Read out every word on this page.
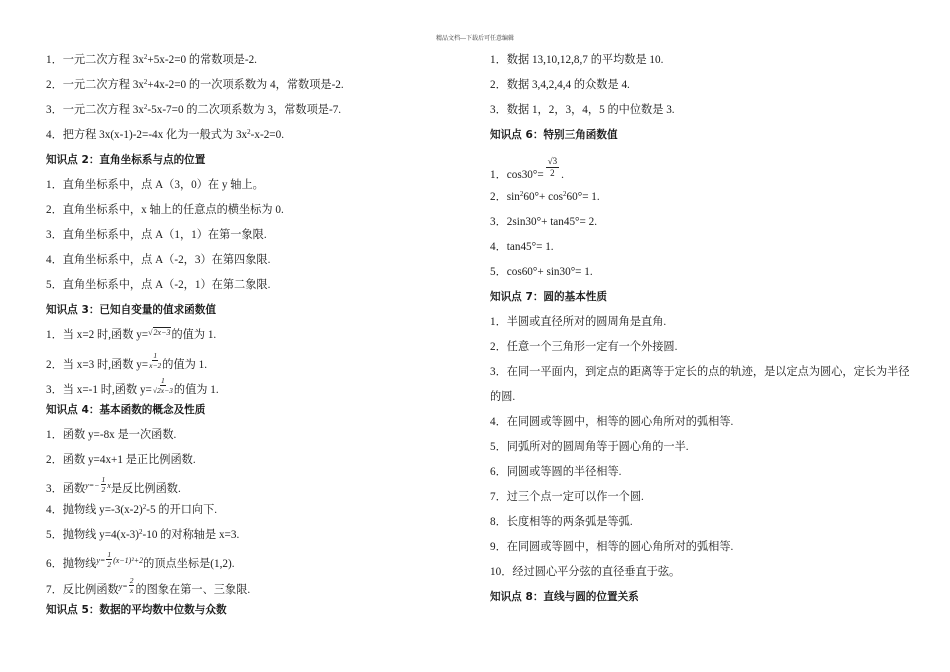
精品文档---下载后可任意编辑
1．一元二次方程 $3x^2+5x-2=0$ 的常数项是-2.
2．一元二次方程 $3x^2+4x-2=0$ 的一次项系数为 4，常数项是-2.
3．一元二次方程 $3x^2-5x-7=0$ 的二次项系数为 3，常数项是-7.
4．把方程 3x(x-1)-2=-4x 化为一般式为 $3x^2-x-2=0$.
知识点 2：直角坐标系与点的位置
1．直角坐标系中，点 A（3，0）在 y 轴上。
2．直角坐标系中，x 轴上的任意点的横坐标为 0.
3．直角坐标系中，点 A（1，1）在第一象限.
4．直角坐标系中，点 A（-2，3）在第四象限.
5．直角坐标系中，点 A（-2，1）在第二象限.
知识点 3：已知自变量的值求函数值
1．当 x=2 时,函数 y=$^{√2x-3}$的值为 1.
2．当 x=3 时,函数 $y= \frac{1}{x-2}$ 的值为 1.
3．当 x=-1 时,函数 $y= \frac{1}{√2x-3}$ 的值为 1.
知识点 4：基本函数的概念及性质
1．函数 y=-8x 是一次函数.
2．函数 y=4x+1 是正比例函数.
3．函数$^{y=-} \frac{1}{2} ^x$是反比例函数.
4．抛物线 $y=-3(x-2)^2-5$ 的开口向下.
5．抛物线 $y=4(x-3)^2-10$ 的对称轴是 x=3.
6．抛物线$^{y=} \frac{1}{2} ^{(x-1)^2+2}$的顶点坐标是(1,2).
7．反比例函数$^{y=} \frac{2}{x}$ 的图象在第一、三象限.
知识点 5：数据的平均数中位数与众数
1．数据 13,10,12,8,7 的平均数是 10.
2．数据 3,4,2,4,4 的众数是 4.
3．数据 1，2，3，4，5 的中位数是 3.
知识点 6：特别三角函数值
1．$\cos 30^\circ= \frac{√3}{2}$ .
2．$\sin^260^\circ+ \cos^260^\circ= 1$.
3．2sin30°+ tan45°= 2.
4．tan45°= 1.
5．cos60°+ sin30°= 1.
知识点 7：圆的基本性质
1．半圆或直径所对的圆周角是直角.
2．任意一个三角形一定有一个外接圆.
3．在同一平面内，到定点的距离等于定长的点的轨迹，是以定点为圆心，定长为半径
的圆.
4．在同圆或等圆中，相等的圆心角所对的弧相等.
5．同弧所对的圆周角等于圆心角的一半.
6．同圆或等圆的半径相等.
7．过三个点一定可以作一个圆.
8．长度相等的两条弧是等弧.
9．在同圆或等圆中，相等的圆心角所对的弧相等.
10．经过圆心平分弦的直径垂直于弦。
知识点 8：直线与圆的位置关系
